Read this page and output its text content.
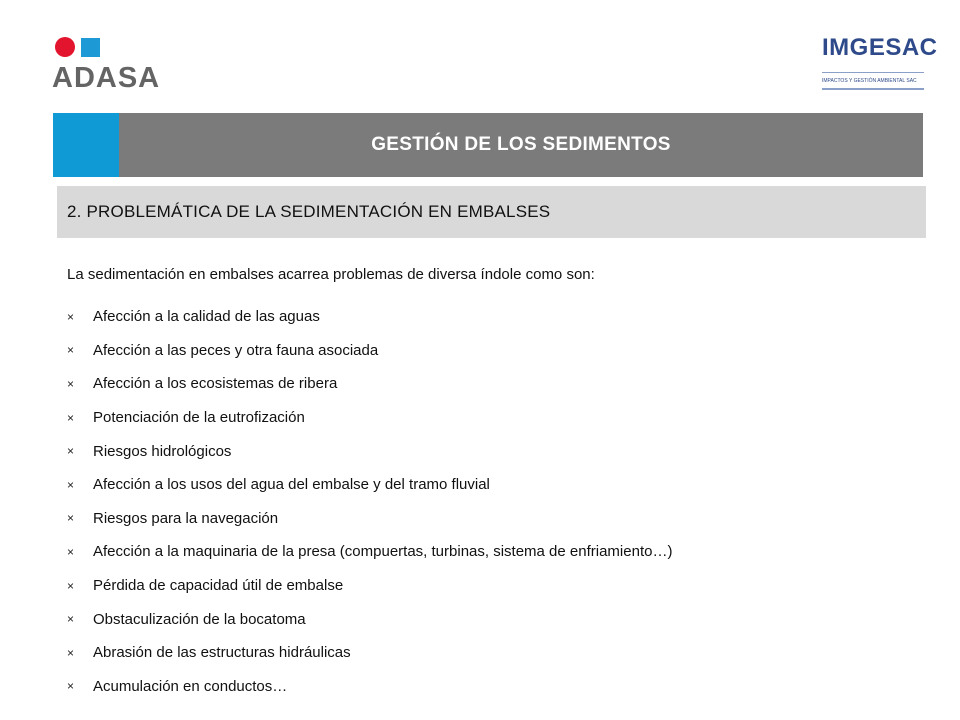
ADASA
IMGESAC
IMPACTOS Y GESTIÓN AMBIENTAL SAC
GESTIÓN DE LOS SEDIMENTOS
2. PROBLEMÁTICA DE LA SEDIMENTACIÓN EN EMBALSES
La sedimentación en embalses acarrea problemas de diversa índole como son:
×	Afección a la calidad de las aguas
×	Afección a las peces y otra fauna asociada
×	Afección a los ecosistemas de ribera
×	Potenciación de la eutrofización
×	Riesgos hidrológicos
×	Afección a los usos del agua del embalse y del tramo fluvial
×	Riesgos para la navegación
×	Afección a la maquinaria de la presa (compuertas, turbinas, sistema de enfriamiento…)
×	Pérdida de capacidad útil de embalse
×	Obstaculización de la bocatoma
×	Abrasión de las estructuras hidráulicas
×	Acumulación en conductos…
